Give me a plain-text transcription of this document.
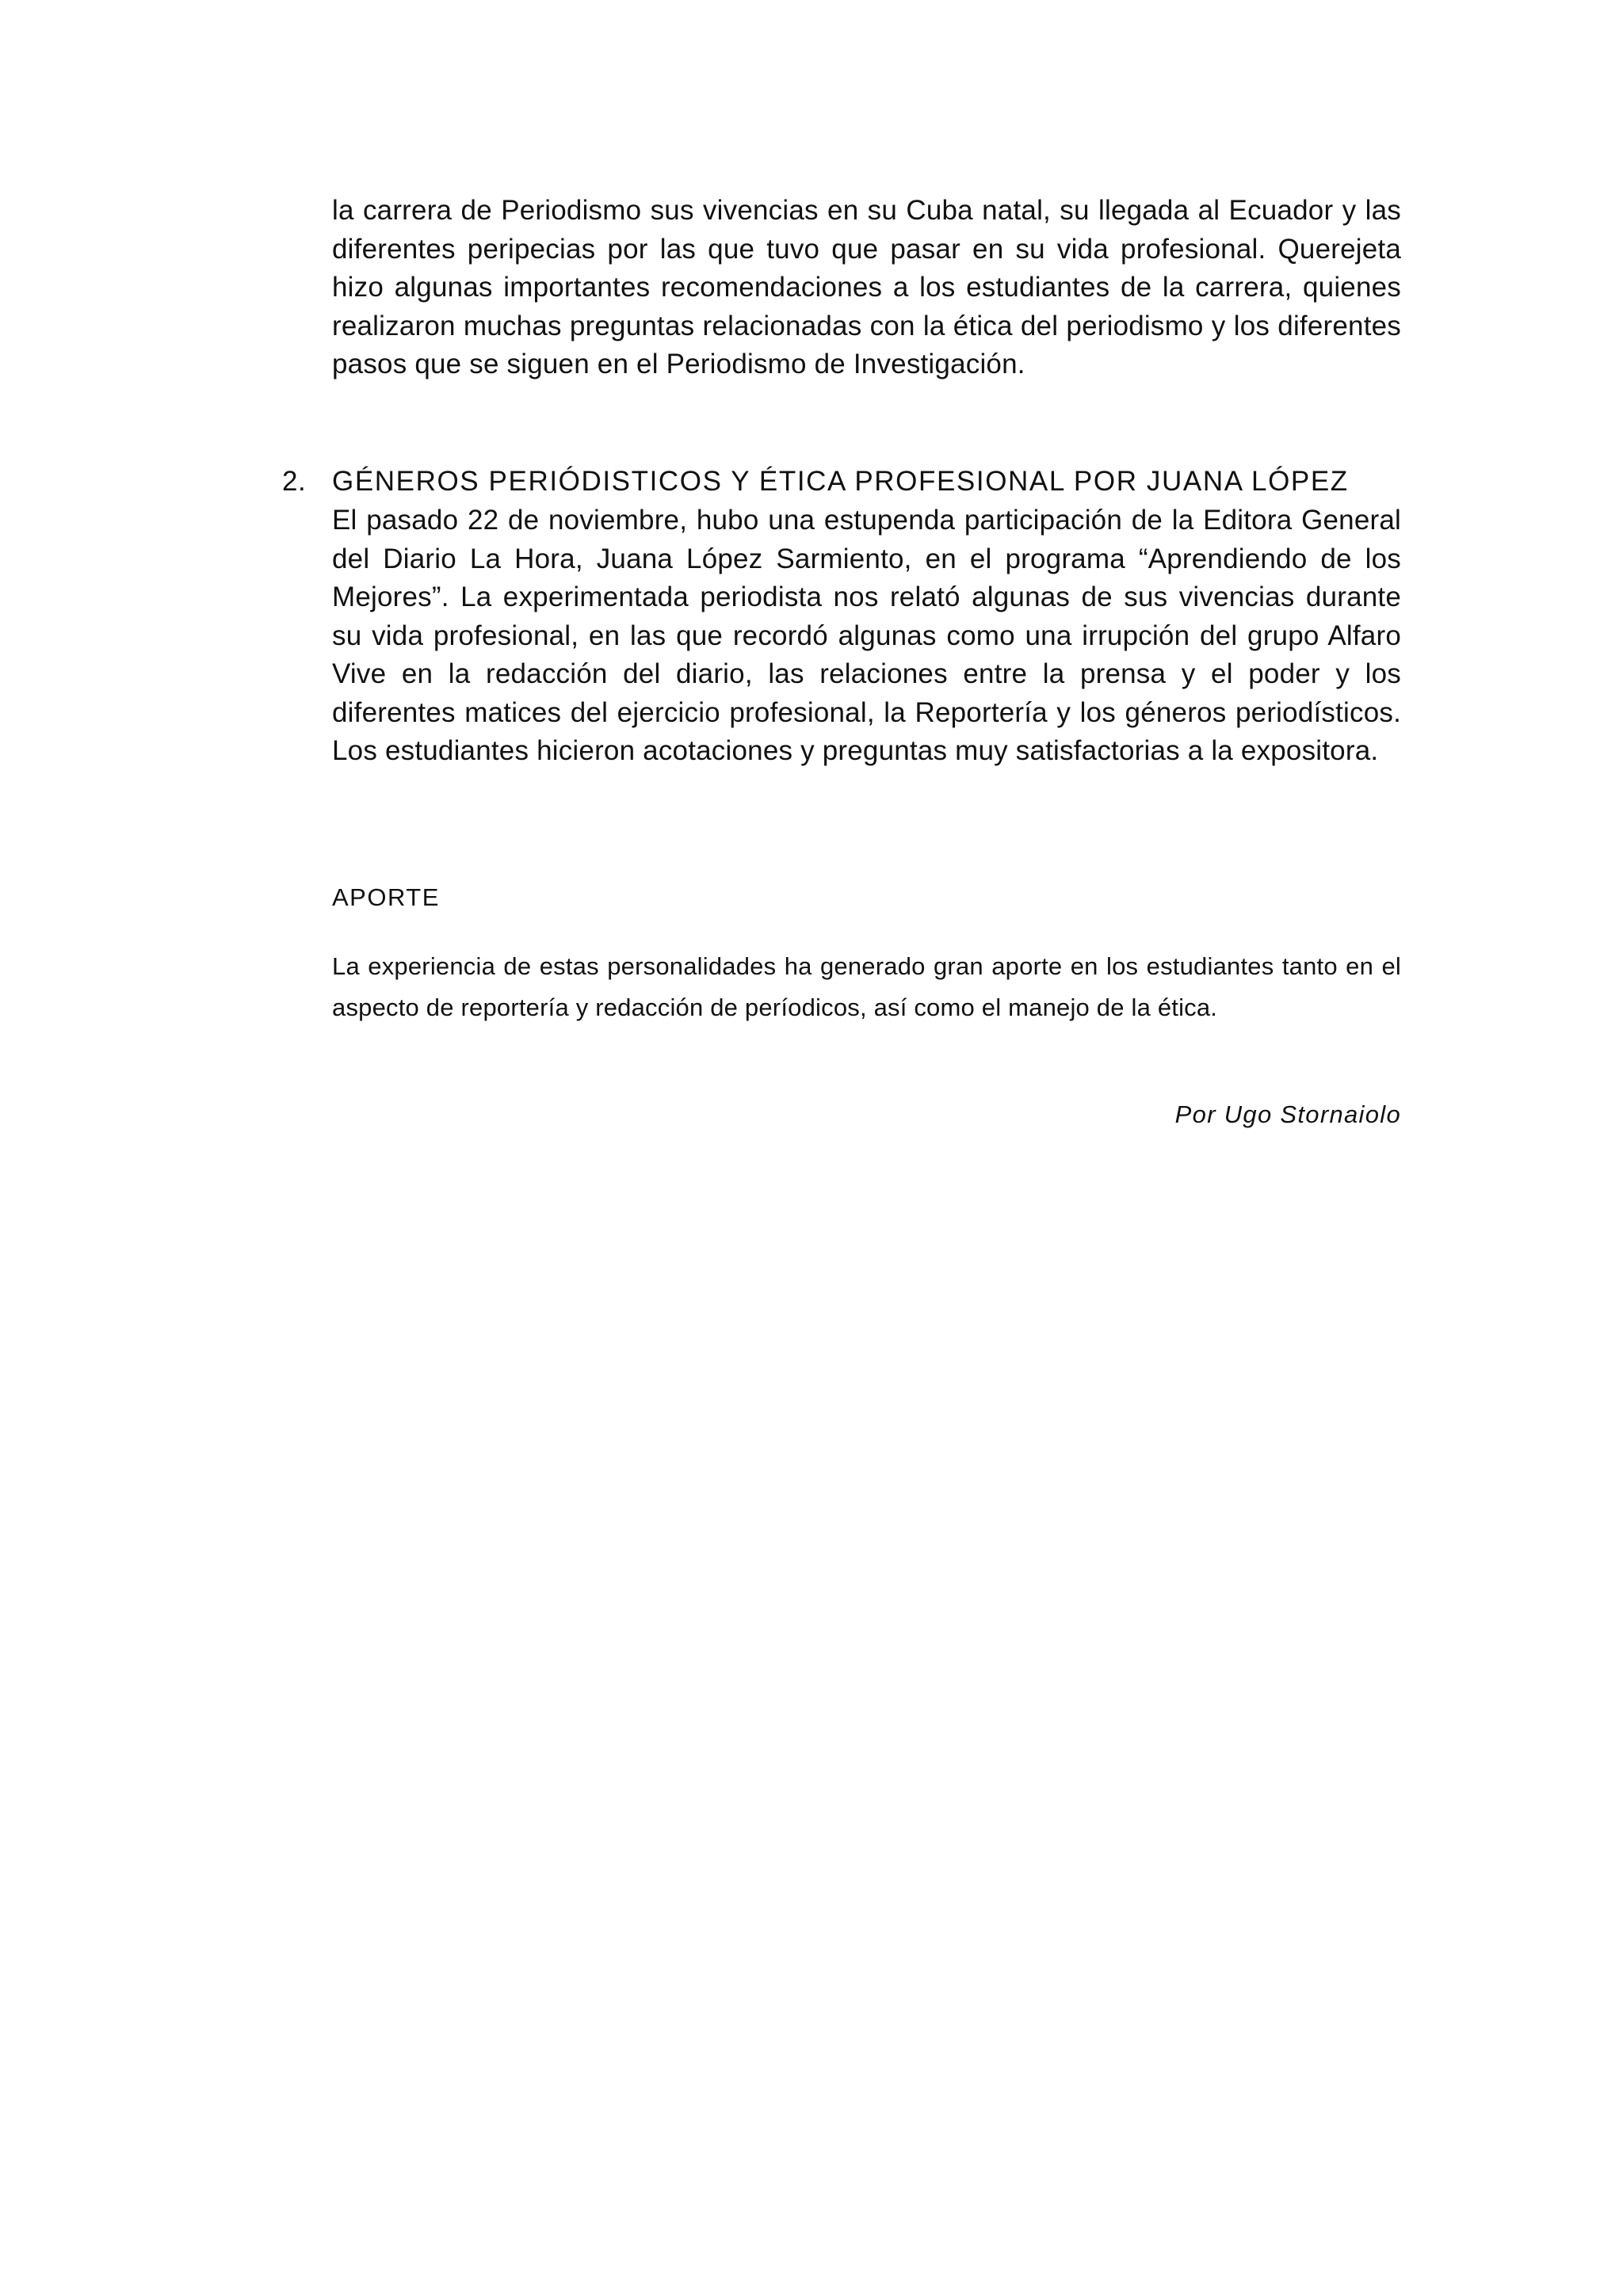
la carrera de Periodismo sus vivencias en su Cuba natal, su llegada al Ecuador y las diferentes peripecias por las que tuvo que pasar en su vida profesional. Querejeta hizo algunas importantes recomendaciones a los estudiantes de la carrera, quienes realizaron muchas preguntas relacionadas con la ética del periodismo y los diferentes pasos que se siguen en el Periodismo de Investigación.

2. GÉNEROS PERIÓDISTICOS Y ÉTICA PROFESIONAL POR JUANA LÓPEZ

El pasado 22 de noviembre, hubo una estupenda participación de la Editora General del Diario La Hora, Juana López Sarmiento, en el programa “Aprendiendo de los Mejores”. La experimentada periodista nos relató algunas de sus vivencias durante su vida profesional, en las que recordó algunas como una irrupción del grupo Alfaro Vive en la redacción del diario, las relaciones entre la prensa y el poder y los diferentes matices del ejercicio profesional, la Reportería y los géneros periodísticos. Los estudiantes hicieron acotaciones y preguntas muy satisfactorias a la expositora.

APORTE

La experiencia de estas personalidades ha generado gran aporte en los estudiantes tanto en el aspecto de reportería y redacción de períodicos, así como el manejo de la ética.

Por Ugo Stornaiolo
